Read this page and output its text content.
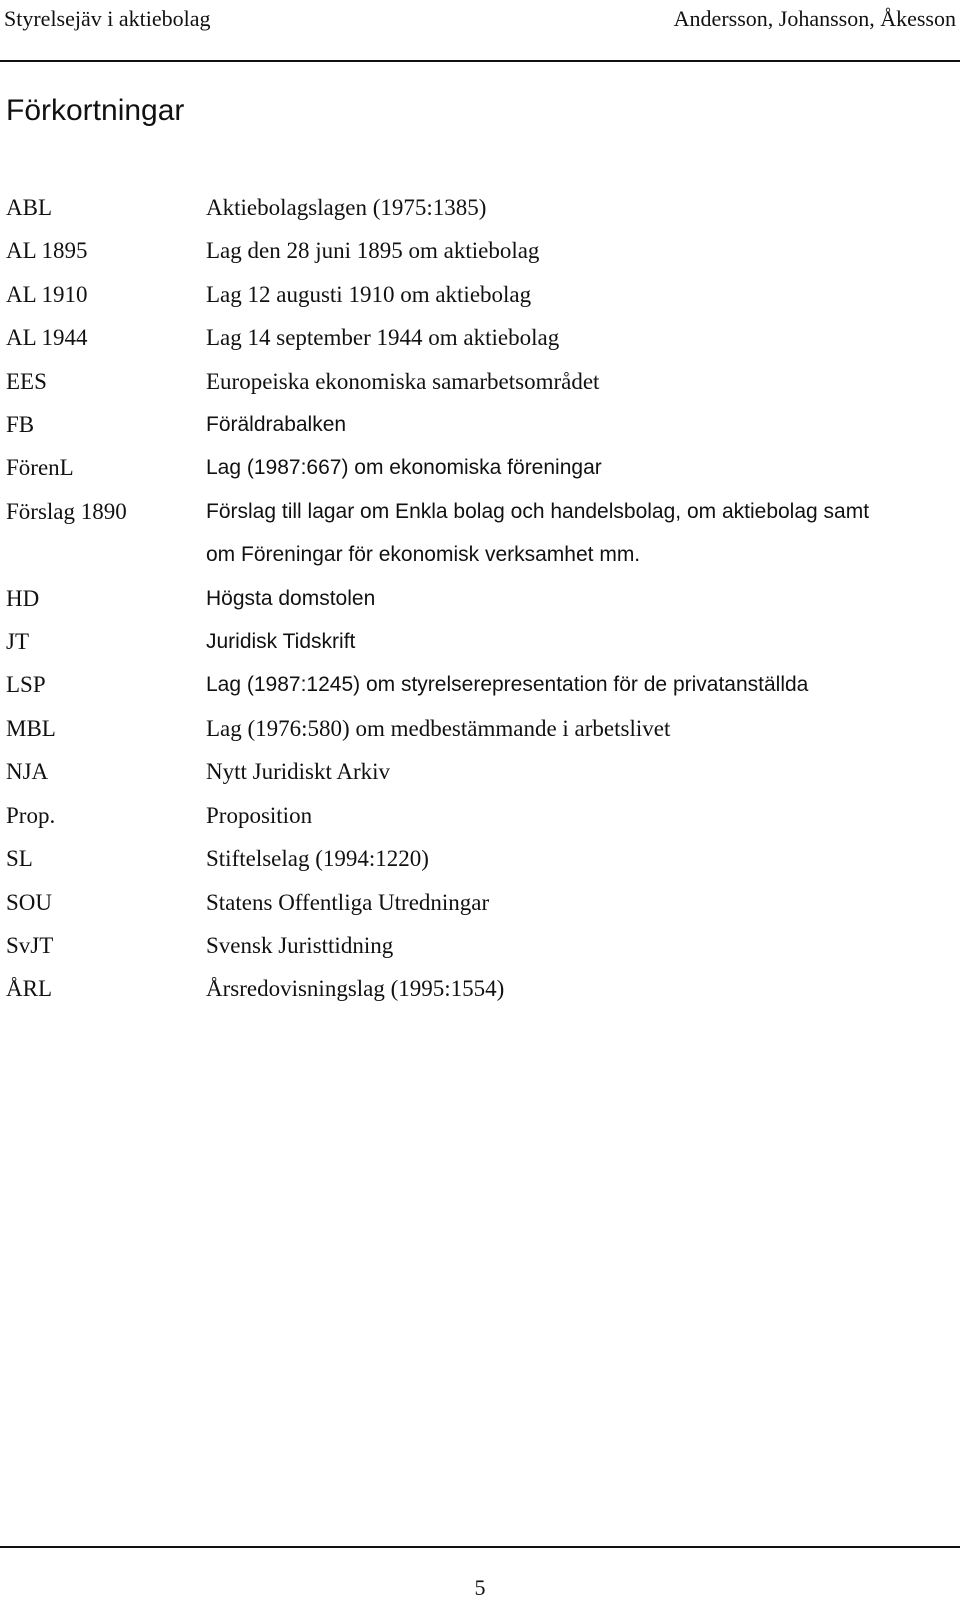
Styrelsejäv i aktiebolag	Andersson, Johansson, Åkesson
Förkortningar
ABL	Aktiebolagslagen (1975:1385)
AL 1895	Lag den 28 juni 1895 om aktiebolag
AL 1910	Lag 12 augusti 1910 om aktiebolag
AL 1944	Lag 14 september 1944 om aktiebolag
EES	Europeiska ekonomiska samarbetsområdet
FB	Föräldrabalken
FörenL	Lag (1987:667) om ekonomiska föreningar
Förslag 1890	Förslag till lagar om Enkla bolag och handelsbolag, om aktiebolag samt
om Föreningar för ekonomisk verksamhet mm.
HD	Högsta domstolen
JT	Juridisk Tidskrift
LSP	Lag (1987:1245) om styrelserepresentation för de privatanställda
MBL	Lag (1976:580) om medbestämmande i arbetslivet
NJA	Nytt Juridiskt Arkiv
Prop.	Proposition
SL	Stiftelselag (1994:1220)
SOU	Statens Offentliga Utredningar
SvJT	Svensk Juristtidning
ÅRL	Årsredovisningslag (1995:1554)
5
